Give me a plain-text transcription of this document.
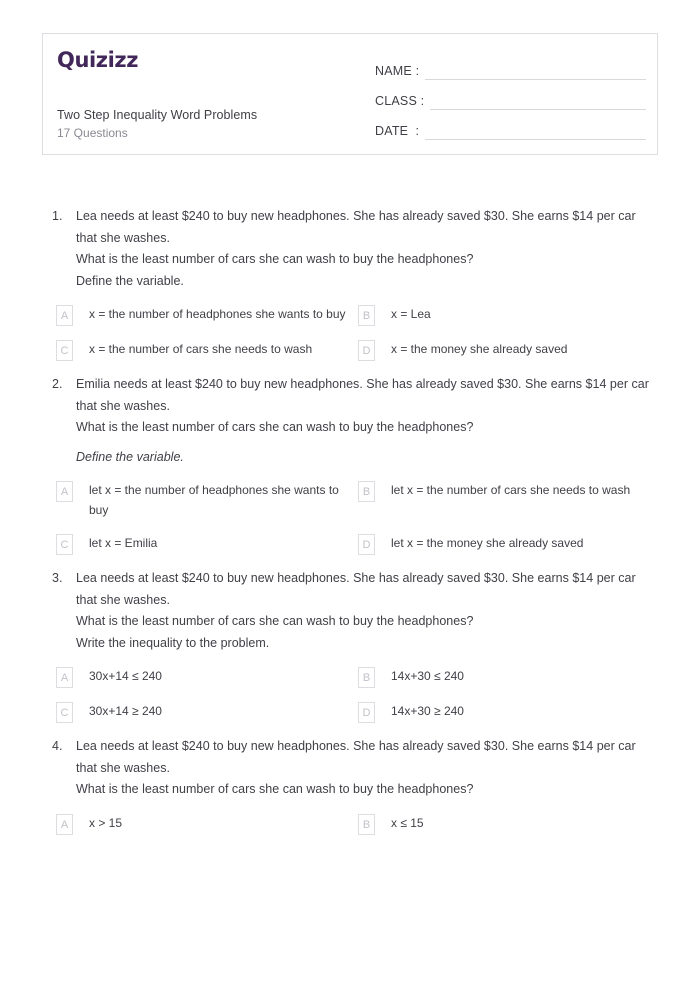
Quizizz
Two Step Inequality Word Problems
17 Questions
NAME :
CLASS :
DATE  :
1.	Lea needs at least $240 to buy new headphones. She has already saved $30. She earns $14 per car that she washes.
What is the least number of cars she can wash to buy the headphones?
Define the variable.
A	x = the number of headphones she wants to buy	B	x = Lea
C	x = the number of cars she needs to wash	D	x = the money she already saved
2.	Emilia needs at least $240 to buy new headphones. She has already saved $30. She earns $14 per car that she washes.
What is the least number of cars she can wash to buy the headphones?
Define the variable.
A	let x = the number of headphones she wants to buy
B	let x = the number of cars she needs to wash
C	let x = Emilia	D	let x = the money she already saved
3.	Lea needs at least $240 to buy new headphones. She has already saved $30. She earns $14 per car that she washes.
What is the least number of cars she can wash to buy the headphones?
Write the inequality to the problem.
A	30x+14 ≤ 240	B	14x+30 ≤ 240
C	30x+14 ≥ 240	D	14x+30 ≥ 240
4.	Lea needs at least $240 to buy new headphones. She has already saved $30. She earns $14 per car that she washes.
What is the least number of cars she can wash to buy the headphones?
A	x > 15	B	x ≤ 15
